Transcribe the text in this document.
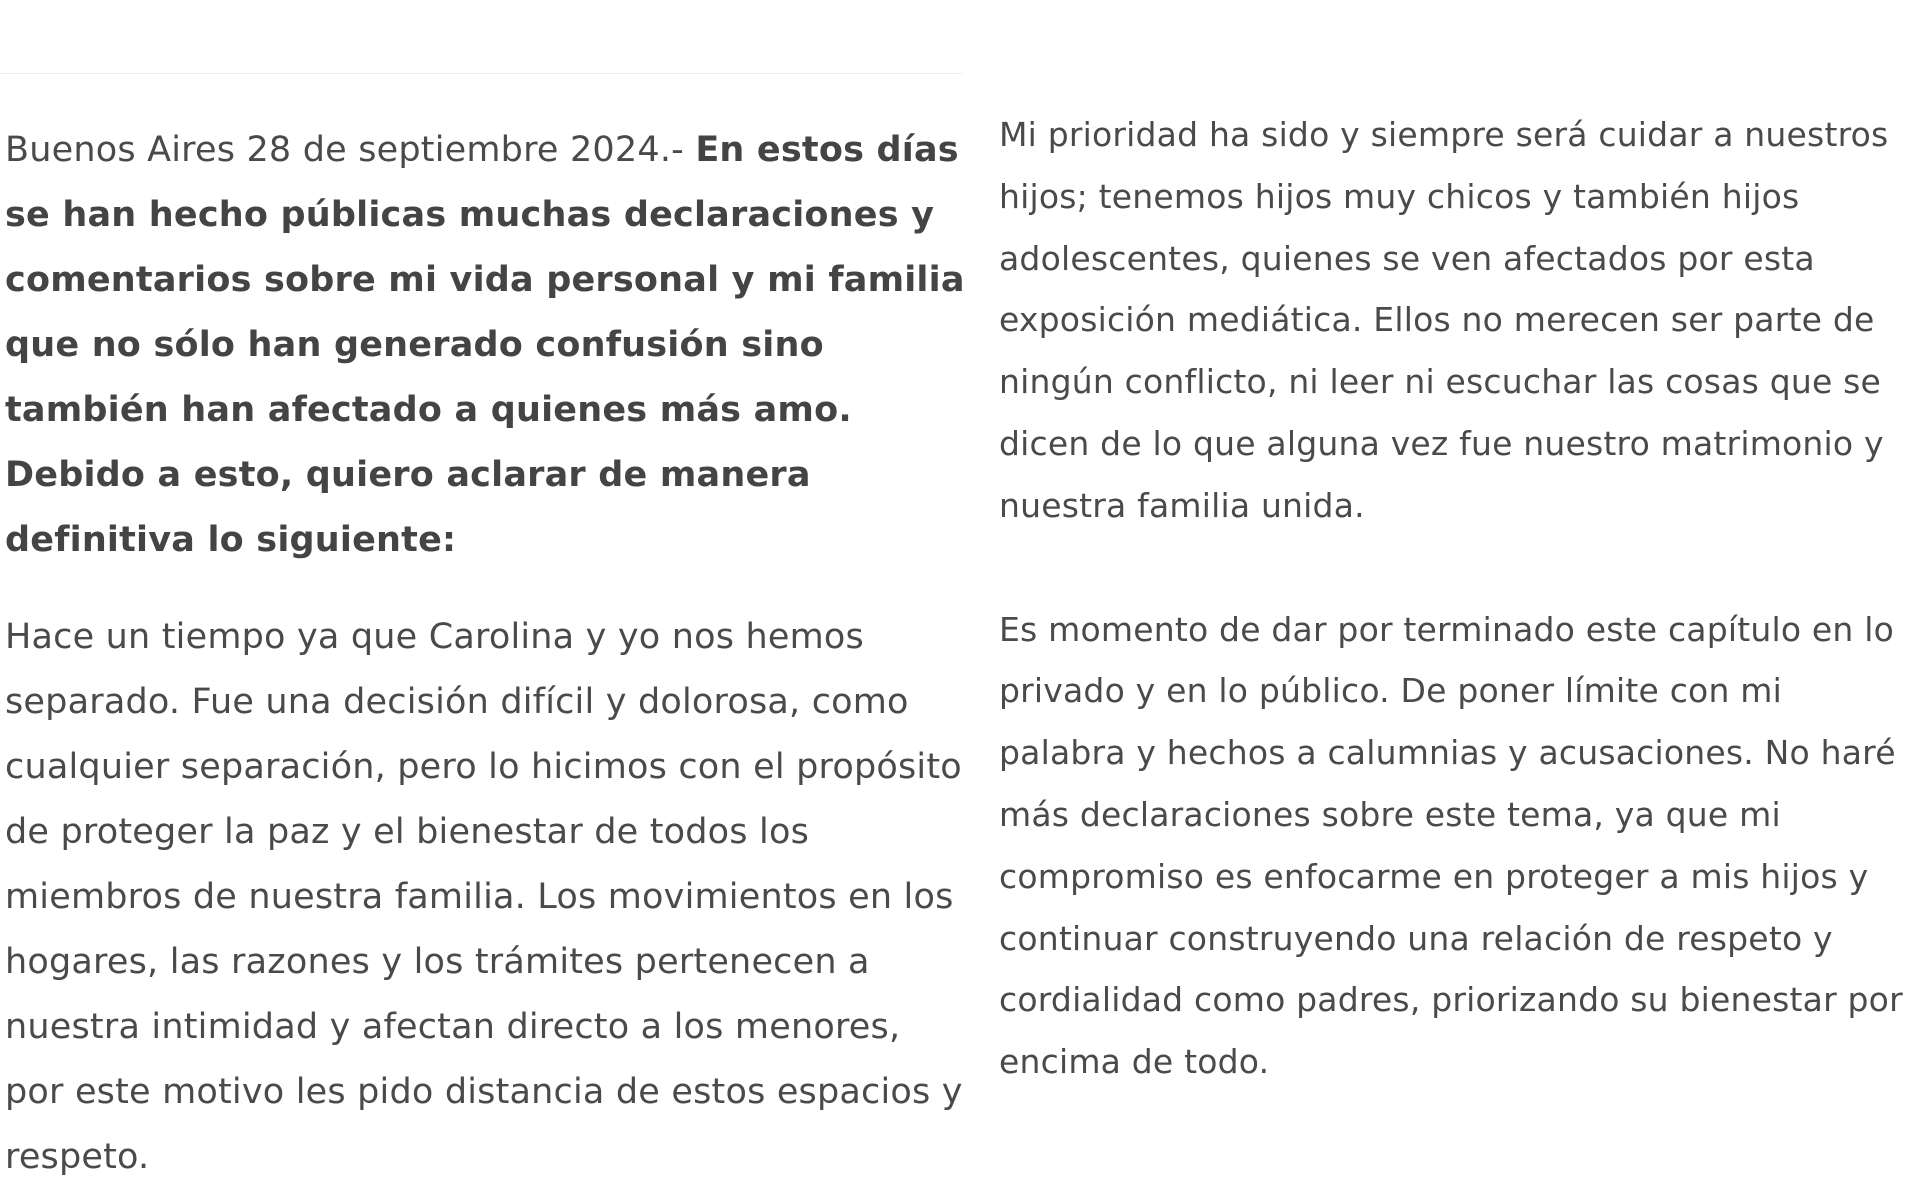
Buenos Aires 28 de septiembre 2024.- En estos días se han hecho públicas muchas declaraciones y comentarios sobre mi vida personal y mi familia que no sólo han generado confusión sino también han afectado a quienes más amo. Debido a esto, quiero aclarar de manera definitiva lo siguiente:

Hace un tiempo ya que Carolina y yo nos hemos separado. Fue una decisión difícil y dolorosa, como cualquier separación, pero lo hicimos con el propósito de proteger la paz y el bienestar de todos los miembros de nuestra familia. Los movimientos en los hogares, las razones y los trámites pertenecen a nuestra intimidad y afectan directo a los menores, por este motivo les pido distancia de estos espacios y respeto.

Mi prioridad ha sido y siempre será cuidar a nuestros hijos; tenemos hijos muy chicos y también hijos adolescentes, quienes se ven afectados por esta exposición mediática. Ellos no merecen ser parte de ningún conflicto, ni leer ni escuchar las cosas que se dicen de lo que alguna vez fue nuestro matrimonio y nuestra familia unida.

Es momento de dar por terminado este capítulo en lo privado y en lo público. De poner límite con mi palabra y hechos a calumnias y acusaciones. No haré más declaraciones sobre este tema, ya que mi compromiso es enfocarme en proteger a mis hijos y continuar construyendo una relación de respeto y cordialidad como padres, priorizando su bienestar por encima de todo.
